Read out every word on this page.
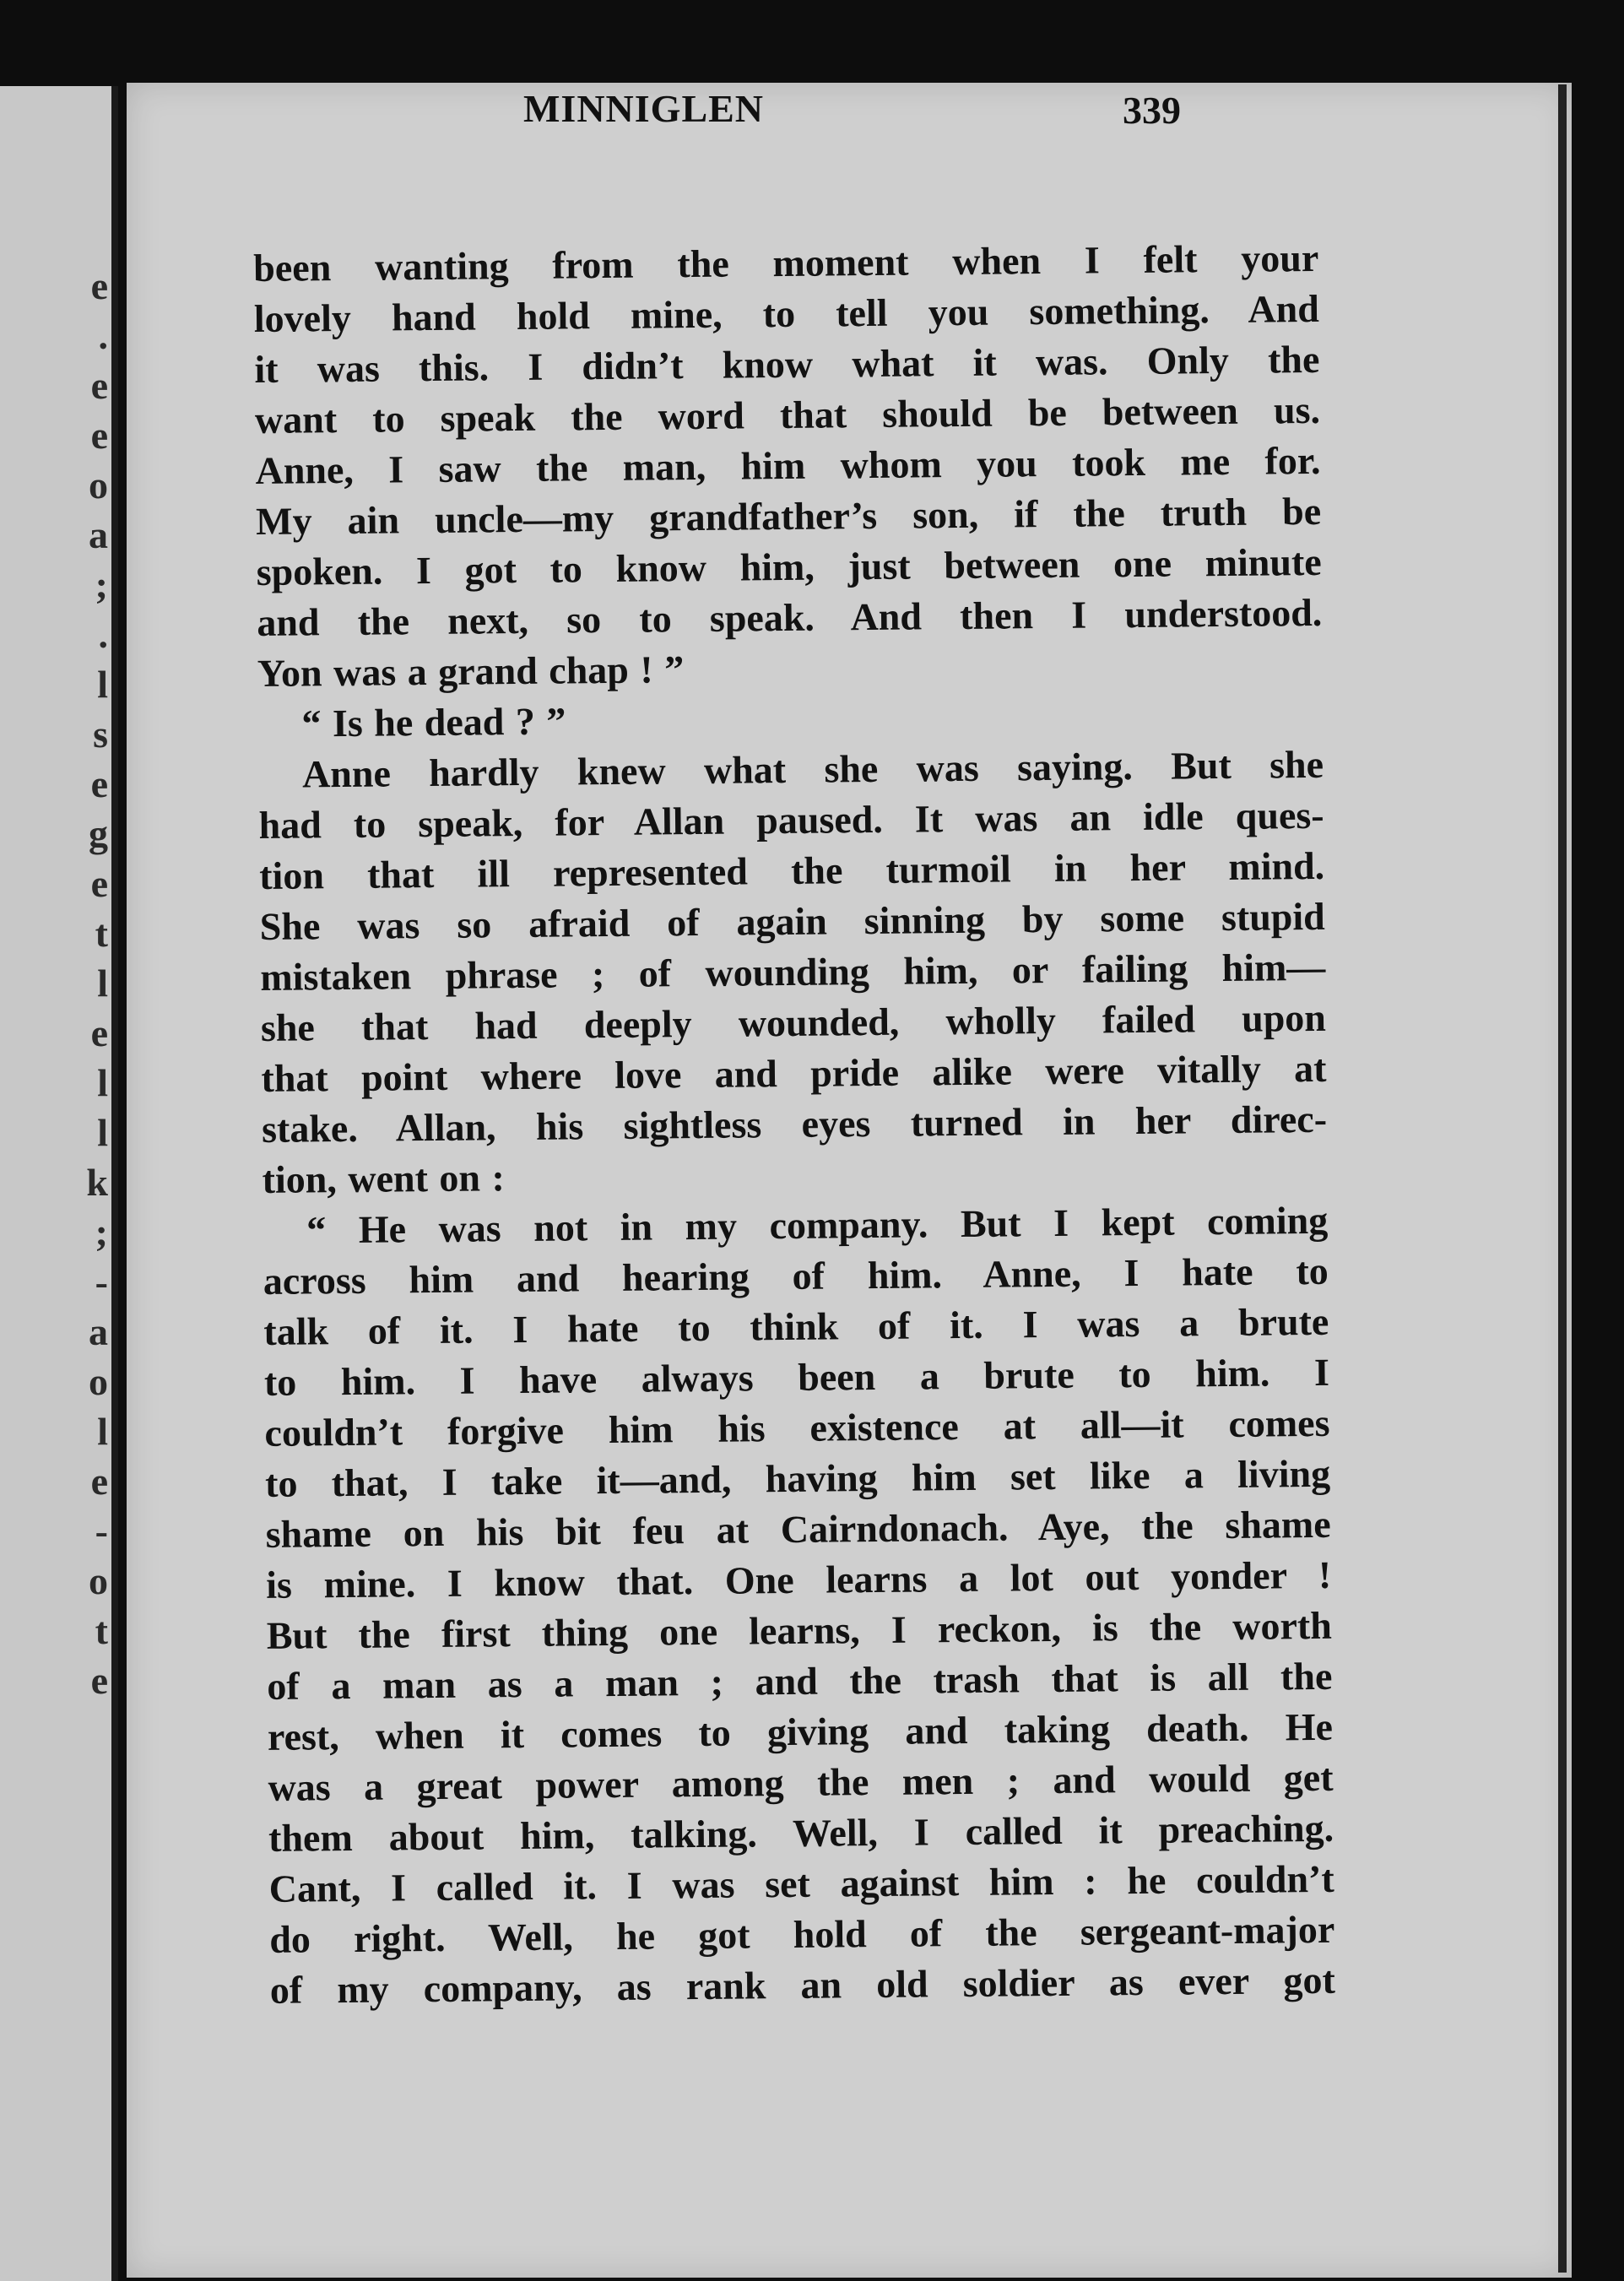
e
.
e
e
o
a
;
.
l
s
e
g
e
t
l
e
l
l
k
;
-
a
o
l
e
-
o
t
e
MINNIGLEN	339
been wanting from the moment when I felt your
lovely hand hold mine, to tell you something. And
it was this. I didn’t know what it was. Only the
want to speak the word that should be between us.
Anne, I saw the man, him whom you took me for.
My ain uncle—my grandfather’s son, if the truth be
spoken. I got to know him, just between one minute
and the next, so to speak. And then I understood.
Yon was a grand chap ! ”
“ Is he dead ? ”
Anne hardly knew what she was saying. But she
had to speak, for Allan paused. It was an idle ques-
tion that ill represented the turmoil in her mind.
She was so afraid of again sinning by some stupid
mistaken phrase ; of wounding him, or failing him—
she that had deeply wounded, wholly failed upon
that point where love and pride alike were vitally at
stake. Allan, his sightless eyes turned in her direc-
tion, went on :
“ He was not in my company. But I kept coming
across him and hearing of him. Anne, I hate to
talk of it. I hate to think of it. I was a brute
to him. I have always been a brute to him. I
couldn’t forgive him his existence at all—it comes
to that, I take it—and, having him set like a living
shame on his bit feu at Cairndonach. Aye, the shame
is mine. I know that. One learns a lot out yonder !
But the first thing one learns, I reckon, is the worth
of a man as a man ; and the trash that is all the
rest, when it comes to giving and taking death. He
was a great power among the men ; and would get
them about him, talking. Well, I called it preaching.
Cant, I called it. I was set against him : he couldn’t
do right. Well, he got hold of the sergeant-major
of my company, as rank an old soldier as ever got
